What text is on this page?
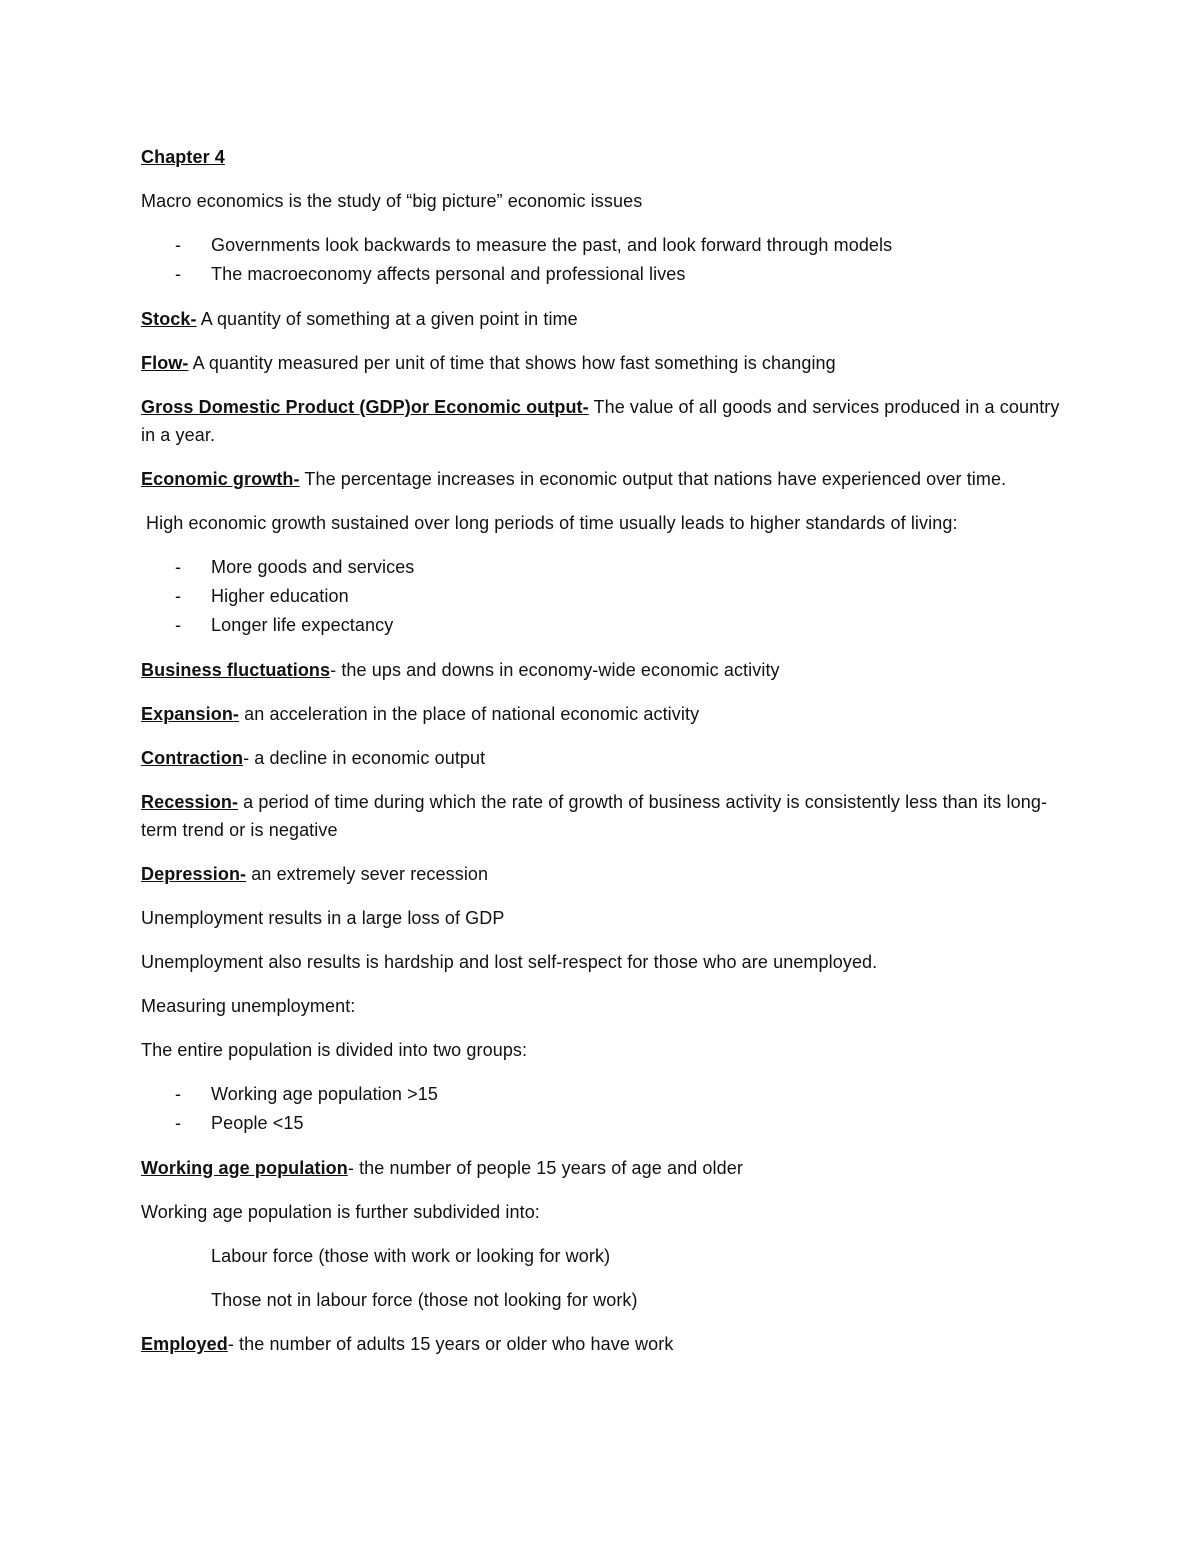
Chapter 4

Macro economics is the study of “big picture” economic issues

- Governments look backwards to measure the past, and look forward through models
- The macroeconomy affects personal and professional lives

Stock- A quantity of something at a given point in time

Flow- A quantity measured per unit of time that shows how fast something is changing

Gross Domestic Product (GDP)or Economic output- The value of all goods and services produced in a country in a year.

Economic growth- The percentage increases in economic output that nations have experienced over time.

High economic growth sustained over long periods of time usually leads to higher standards of living:

- More goods and services
- Higher education
- Longer life expectancy

Business fluctuations- the ups and downs in economy-wide economic activity

Expansion- an acceleration in the place of national economic activity

Contraction- a decline in economic output

Recession- a period of time during which the rate of growth of business activity is consistently less than its long-term trend or is negative

Depression- an extremely sever recession

Unemployment results in a large loss of GDP

Unemployment also results is hardship and lost self-respect for those who are unemployed.

Measuring unemployment:

The entire population is divided into two groups:

- Working age population >15
- People <15

Working age population- the number of people 15 years of age and older

Working age population is further subdivided into:

Labour force (those with work or looking for work)

Those not in labour force (those not looking for work)

Employed- the number of adults 15 years or older who have work
